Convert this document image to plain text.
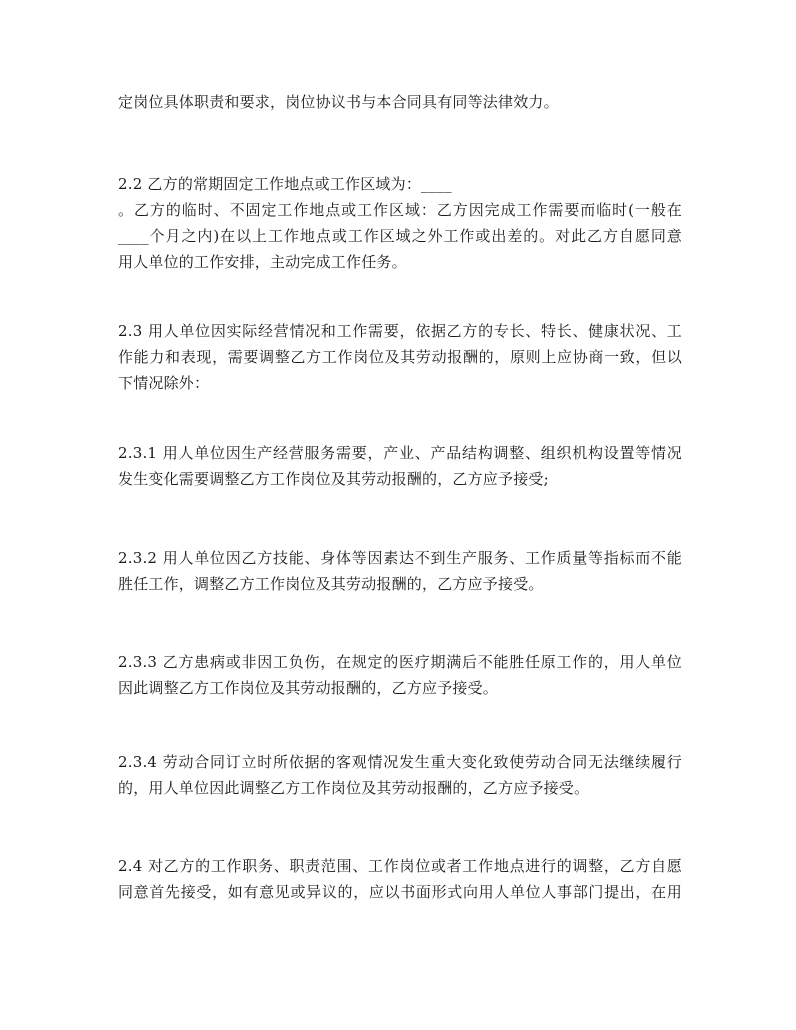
定岗位具体职责和要求，岗位协议书与本合同具有同等法律效力。
2.2 乙方的常期固定工作地点或工作区域为：____
。乙方的临时、不固定工作地点或工作区域：乙方因完成工作需要而临时(一般在
____个月之内)在以上工作地点或工作区域之外工作或出差的。对此乙方自愿同意
用人单位的工作安排，主动完成工作任务。
2.3 用人单位因实际经营情况和工作需要，依据乙方的专长、特长、健康状况、工
作能力和表现，需要调整乙方工作岗位及其劳动报酬的，原则上应协商一致，但以
下情况除外：
2.3.1 用人单位因生产经营服务需要，产业、产品结构调整、组织机构设置等情况
发生变化需要调整乙方工作岗位及其劳动报酬的，乙方应予接受;
2.3.2 用人单位因乙方技能、身体等因素达不到生产服务、工作质量等指标而不能
胜任工作，调整乙方工作岗位及其劳动报酬的，乙方应予接受。
2.3.3 乙方患病或非因工负伤，在规定的医疗期满后不能胜任原工作的，用人单位
因此调整乙方工作岗位及其劳动报酬的，乙方应予接受。
2.3.4 劳动合同订立时所依据的客观情况发生重大变化致使劳动合同无法继续履行
的，用人单位因此调整乙方工作岗位及其劳动报酬的，乙方应予接受。
2.4 对乙方的工作职务、职责范围、工作岗位或者工作地点进行的调整，乙方自愿
同意首先接受，如有意见或异议的，应以书面形式向用人单位人事部门提出，在用
